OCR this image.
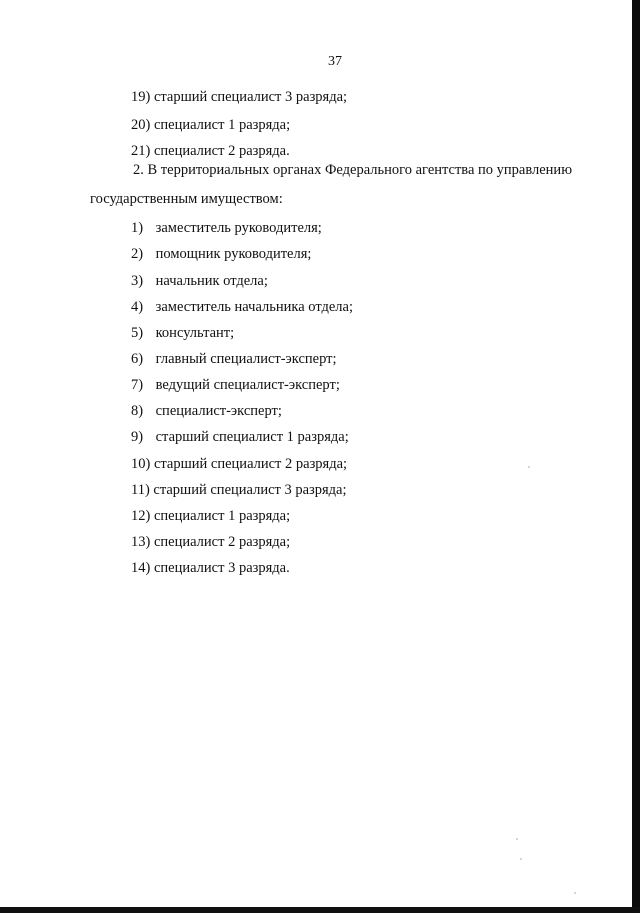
37
19) старший специалист 3 разряда;
20) специалист 1 разряда;
21) специалист 2 разряда.
2. В территориальных органах Федерального агентства по управлению
государственным имуществом:
1) заместитель руководителя;
2) помощник руководителя;
3) начальник отдела;
4) заместитель начальника отдела;
5) консультант;
6) главный специалист-эксперт;
7) ведущий специалист-эксперт;
8) специалист-эксперт;
9) старший специалист 1 разряда;
10) старший специалист 2 разряда;
11) старший специалист 3 разряда;
12) специалист 1 разряда;
13) специалист 2 разряда;
14) специалист 3 разряда.
